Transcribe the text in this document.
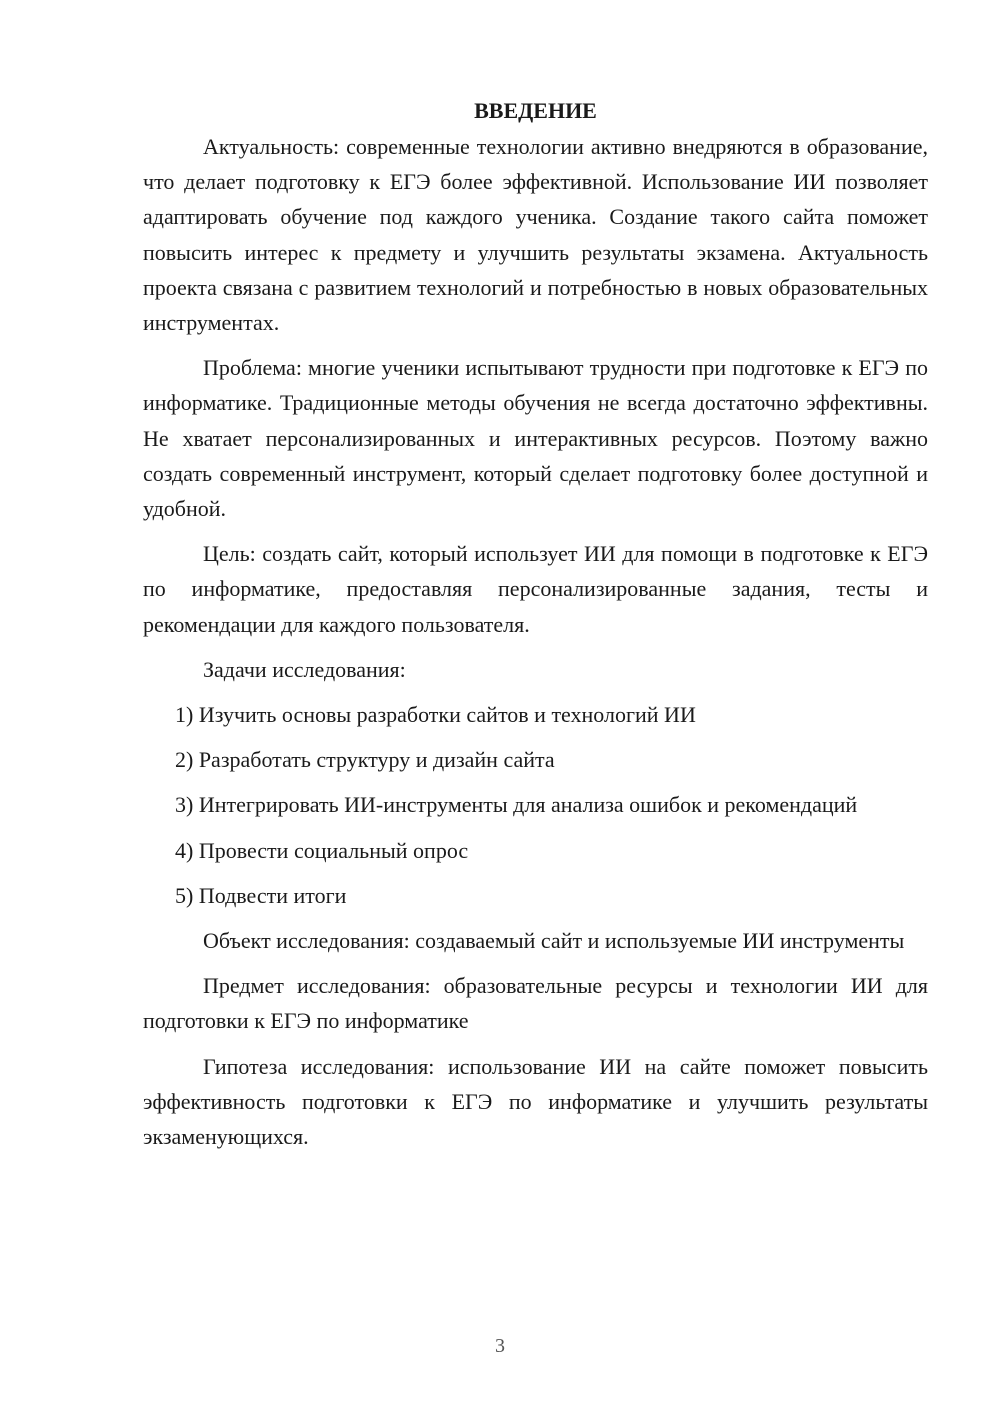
ВВЕДЕНИЕ

Актуальность: современные технологии активно внедряются в образование, что делает подготовку к ЕГЭ более эффективной. Использование ИИ позволяет адаптировать обучение под каждого ученика. Создание такого сайта поможет повысить интерес к предмету и улучшить результаты экзамена. Актуальность проекта связана с развитием технологий и потребностью в новых образовательных инструментах.

Проблема: многие ученики испытывают трудности при подготовке к ЕГЭ по информатике. Традиционные методы обучения не всегда достаточно эффективны. Не хватает персонализированных и интерактивных ресурсов. Поэтому важно создать современный инструмент, который сделает подготовку более доступной и удобной.

Цель: создать сайт, который использует ИИ для помощи в подготовке к ЕГЭ по информатике, предоставляя персонализированные задания, тесты и рекомендации для каждого пользователя.

Задачи исследования:

1) Изучить основы разработки сайтов и технологий ИИ

2) Разработать структуру и дизайн сайта

3) Интегрировать ИИ-инструменты для анализа ошибок и рекомендаций

4) Провести социальный опрос

5) Подвести итоги

Объект исследования: создаваемый сайт и используемые ИИ инструменты

Предмет исследования: образовательные ресурсы и технологии ИИ для подготовки к ЕГЭ по информатике

Гипотеза исследования: использование ИИ на сайте поможет повысить эффективность подготовки к ЕГЭ по информатике и улучшить результаты экзаменующихся.

3
